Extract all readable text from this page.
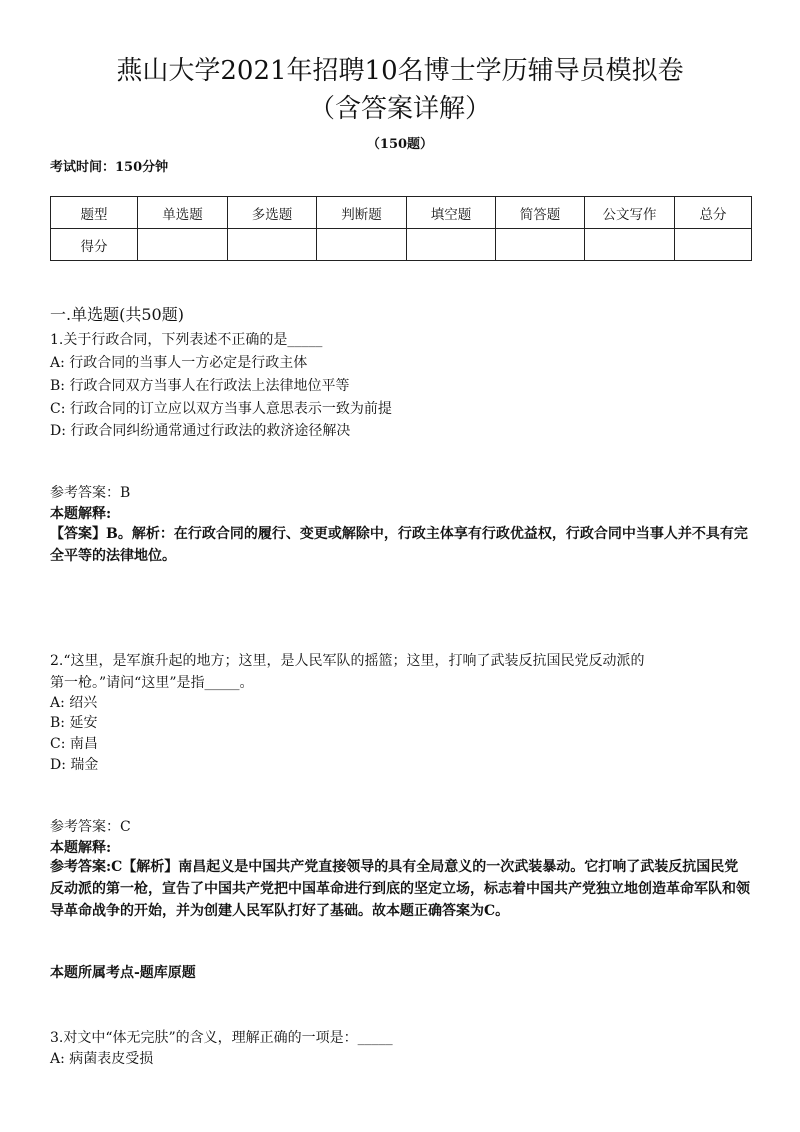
燕山大学2021年招聘10名博士学历辅导员模拟卷
（含答案详解）
（150题）
考试时间：150分钟
题型	单选题	多选题	判断题	填空题	简答题	公文写作	总分
得分							
一.单选题(共50题)
1.关于行政合同，下列表述不正确的是_____
A: 行政合同的当事人一方必定是行政主体
B: 行政合同双方当事人在行政法上法律地位平等
C: 行政合同的订立应以双方当事人意思表示一致为前提
D: 行政合同纠纷通常通过行政法的救济途径解决
参考答案：B
本题解释:
【答案】B。解析：在行政合同的履行、变更或解除中，行政主体享有行政优益权，行政合同中当事人并不具有完全平等的法律地位。
2.“这里，是军旗升起的地方；这里，是人民军队的摇篮；这里，打响了武装反抗国民党反动派的
第一枪。”请问“这里”是指_____。
A: 绍兴
B: 延安
C: 南昌
D: 瑞金
参考答案：C
本题解释:
参考答案:C【解析】南昌起义是中国共产党直接领导的具有全局意义的一次武装暴动。它打响了武装反抗国民党反动派的第一枪，宣告了中国共产党把中国革命进行到底的坚定立场，标志着中国共产党独立地创造革命军队和领导革命战争的开始，并为创建人民军队打好了基础。故本题正确答案为C。
本题所属考点-题库原题
3.对文中“体无完肤”的含义，理解正确的一项是：_____
A: 病菌表皮受损
